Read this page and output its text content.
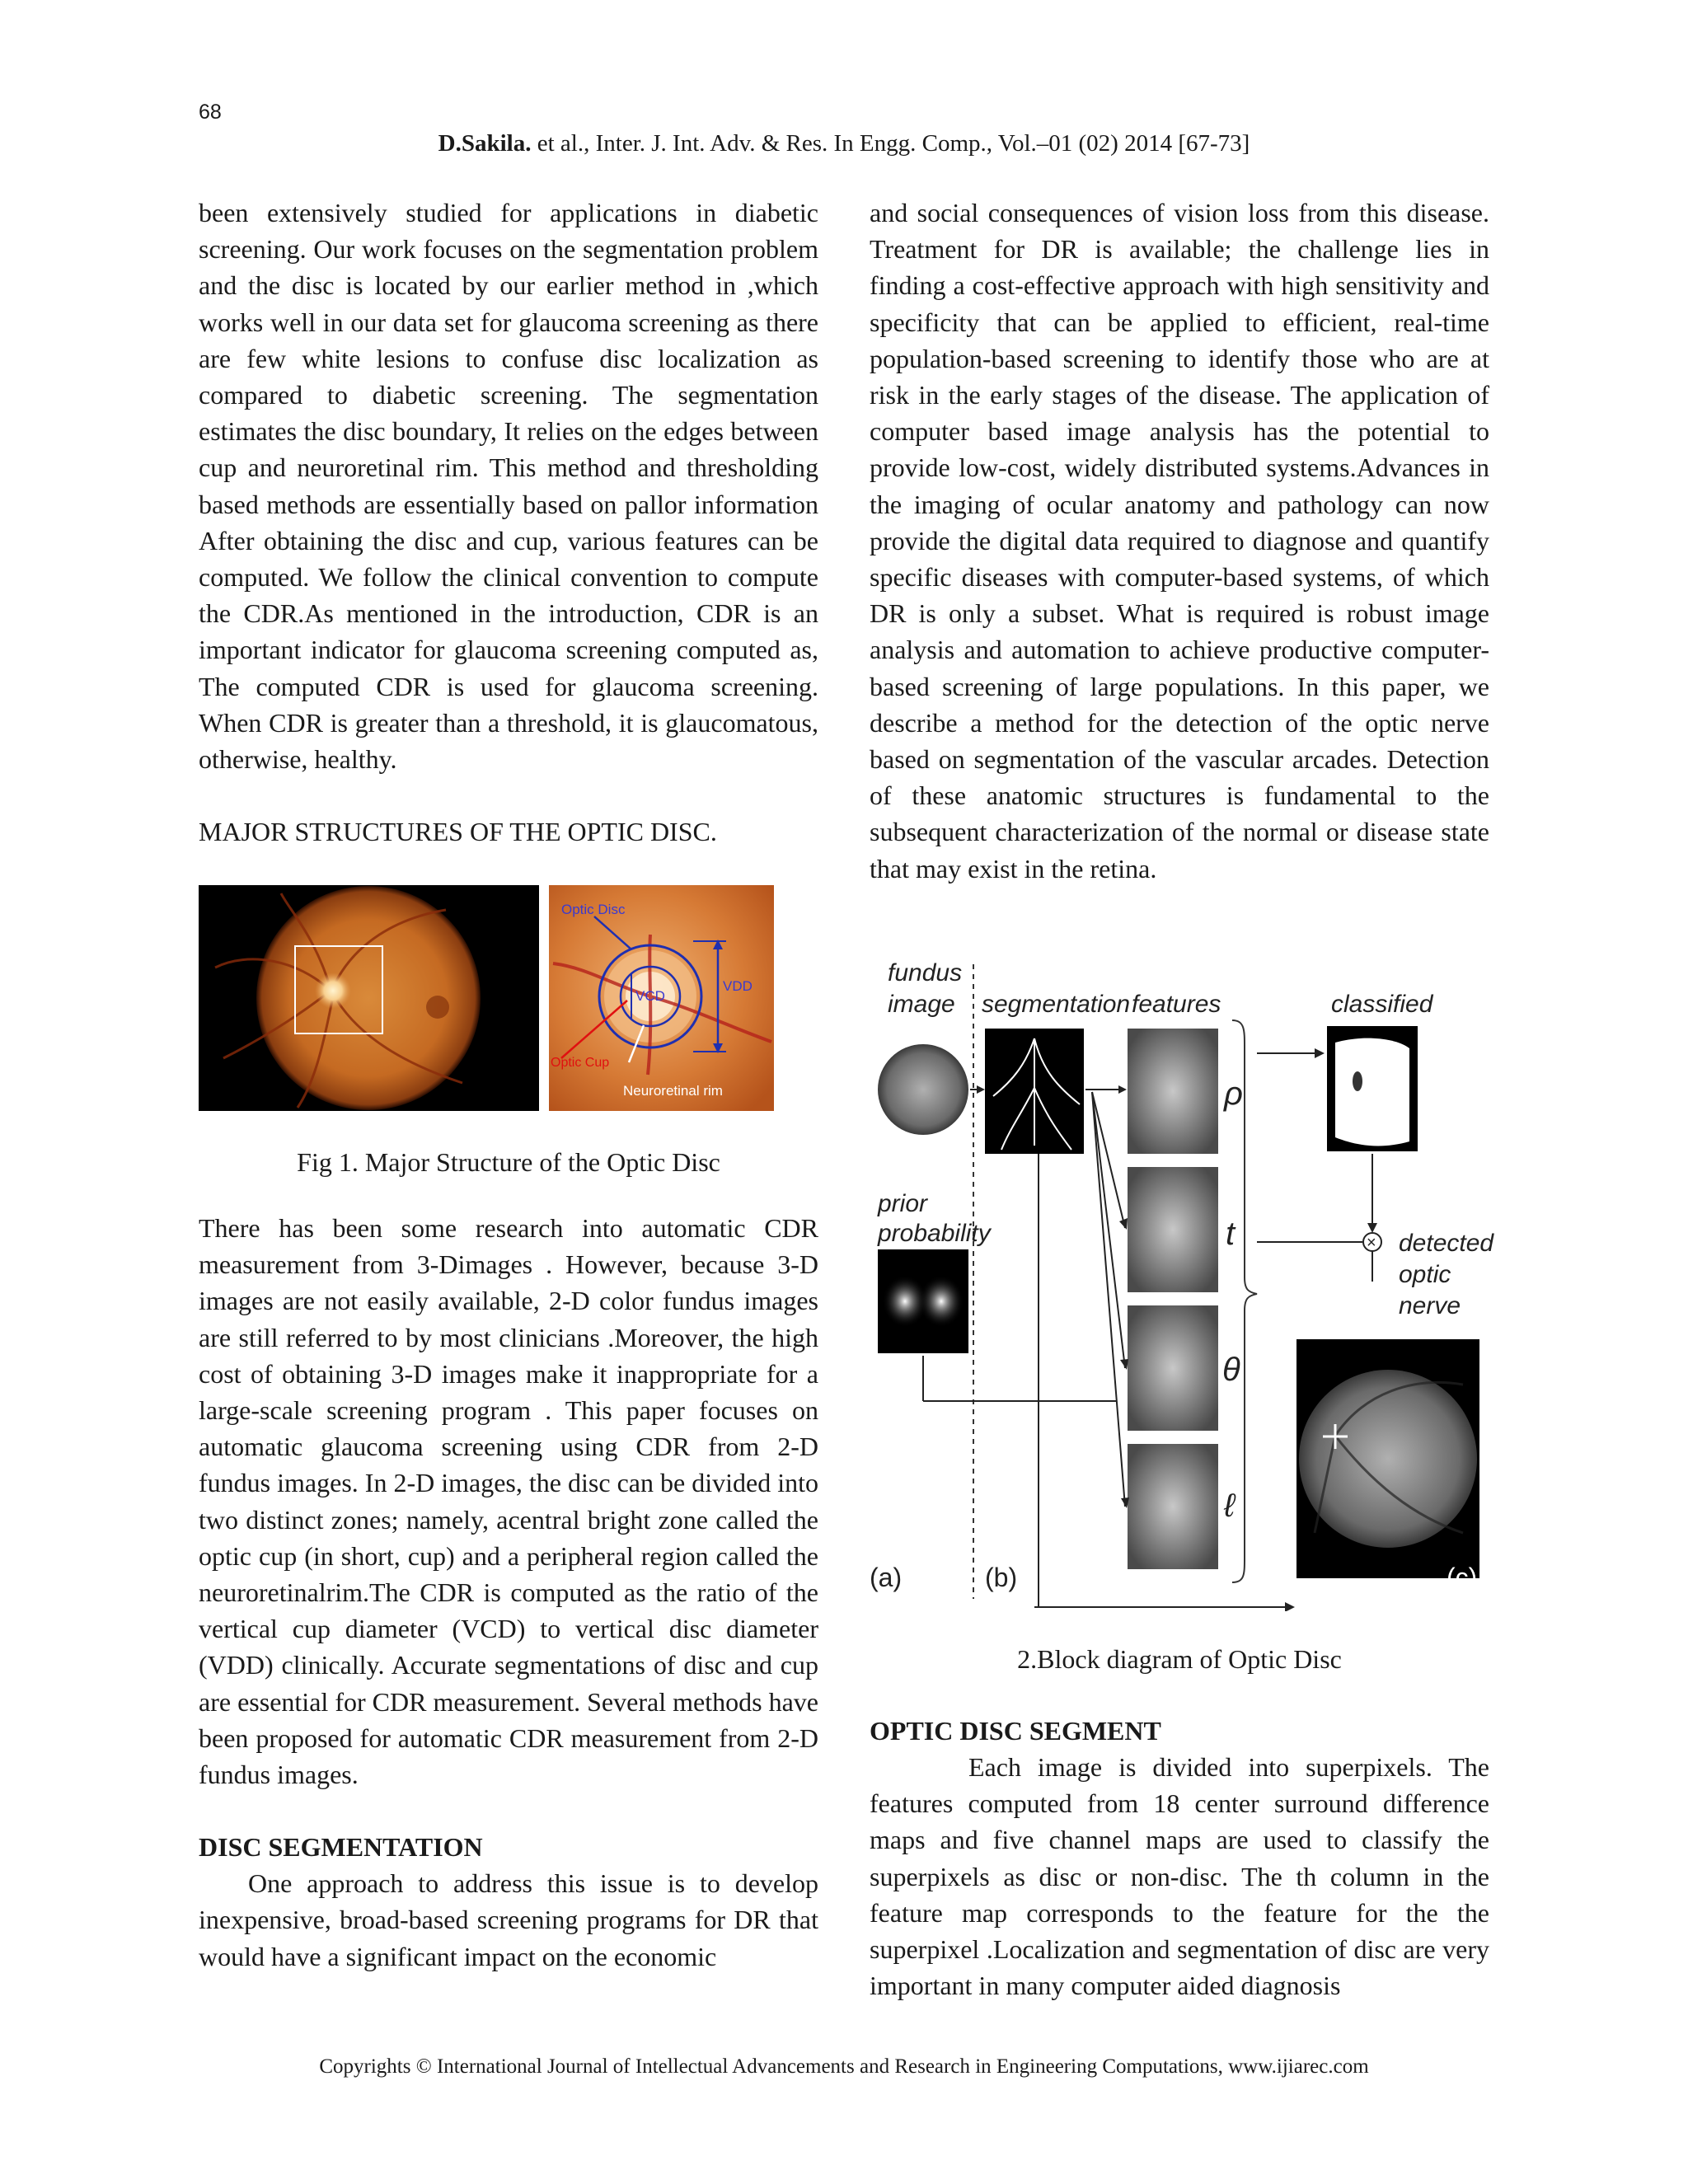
68
D.Sakila. et al., Inter. J. Int. Adv. & Res. In Engg. Comp., Vol.–01 (02) 2014 [67-73]

been extensively studied for applications in diabetic screening. Our work focuses on the segmentation problem and the disc is located by our earlier method in ,which works well in our data set for glaucoma screening as there are few white lesions to confuse disc localization as compared to diabetic screening. The segmentation estimates the disc boundary, It relies on the edges between cup and neuroretinal rim. This method and thresholding based methods are essentially based on pallor information After obtaining the disc and cup, various features can be computed. We follow the clinical convention to compute the CDR.As mentioned in the introduction, CDR is an important indicator for glaucoma screening computed as, The computed CDR is used for glaucoma screening. When CDR is greater than a threshold, it is glaucomatous, otherwise, healthy.

MAJOR STRUCTURES OF THE OPTIC DISC.

Optic Disc
VCD
VDD
Optic Cup
Neuroretinal rim
Fig 1. Major Structure of the Optic Disc

There has been some research into automatic CDR measurement from 3-Dimages . However, because 3-D images are not easily available, 2-D color fundus images are still referred to by most clinicians .Moreover, the high cost of obtaining 3-D images make it inappropriate for a large-scale screening program . This paper focuses on automatic glaucoma screening using CDR from 2-D fundus images. In 2-D images, the disc can be divided into two distinct zones; namely, acentral bright zone called the optic cup (in short, cup) and a peripheral region called the neuroretinalrim.The CDR is computed as the ratio of the vertical cup diameter (VCD) to vertical disc diameter (VDD) clinically. Accurate segmentations of disc and cup are essential for CDR measurement. Several methods have been proposed for automatic CDR measurement from 2-D fundus images.

DISC SEGMENTATION

One approach to address this issue is to develop inexpensive, broad-based screening programs for DR that would have a significant impact on the economic

and social consequences of vision loss from this disease. Treatment for DR is available; the challenge lies in finding a cost-effective approach with high sensitivity and specificity that can be applied to efficient, real-time population-based screening to identify those who are at risk in the early stages of the disease. The application of computer based image analysis has the potential to provide low-cost, widely distributed systems.Advances in the imaging of ocular anatomy and pathology can now provide the digital data required to diagnose and quantify specific diseases with computer-based systems, of which DR is only a subset. What is required is robust image analysis and automation to achieve productive computer-based screening of large populations. In this paper, we describe a method for the detection of the optic nerve based on segmentation of the vascular arcades. Detection of these anatomic structures is fundamental to the subsequent characterization of the normal or disease state that may exist in the retina.

fundus
image segmentation features	classified
prior
probability
ρ
t
θ
ℓ
× detected
optic
nerve
(a)	(b)	(c)
2.Block diagram of Optic Disc

OPTIC DISC SEGMENT

Each image is divided into superpixels. The features computed from 18 center surround difference maps and five channel maps are used to classify the superpixels as disc or non-disc. The th column in the feature map corresponds to the feature for the the superpixel .Localization and segmentation of disc are very important in many computer aided diagnosis

Copyrights © International Journal of Intellectual Advancements and Research in Engineering Computations, www.ijiarec.com
